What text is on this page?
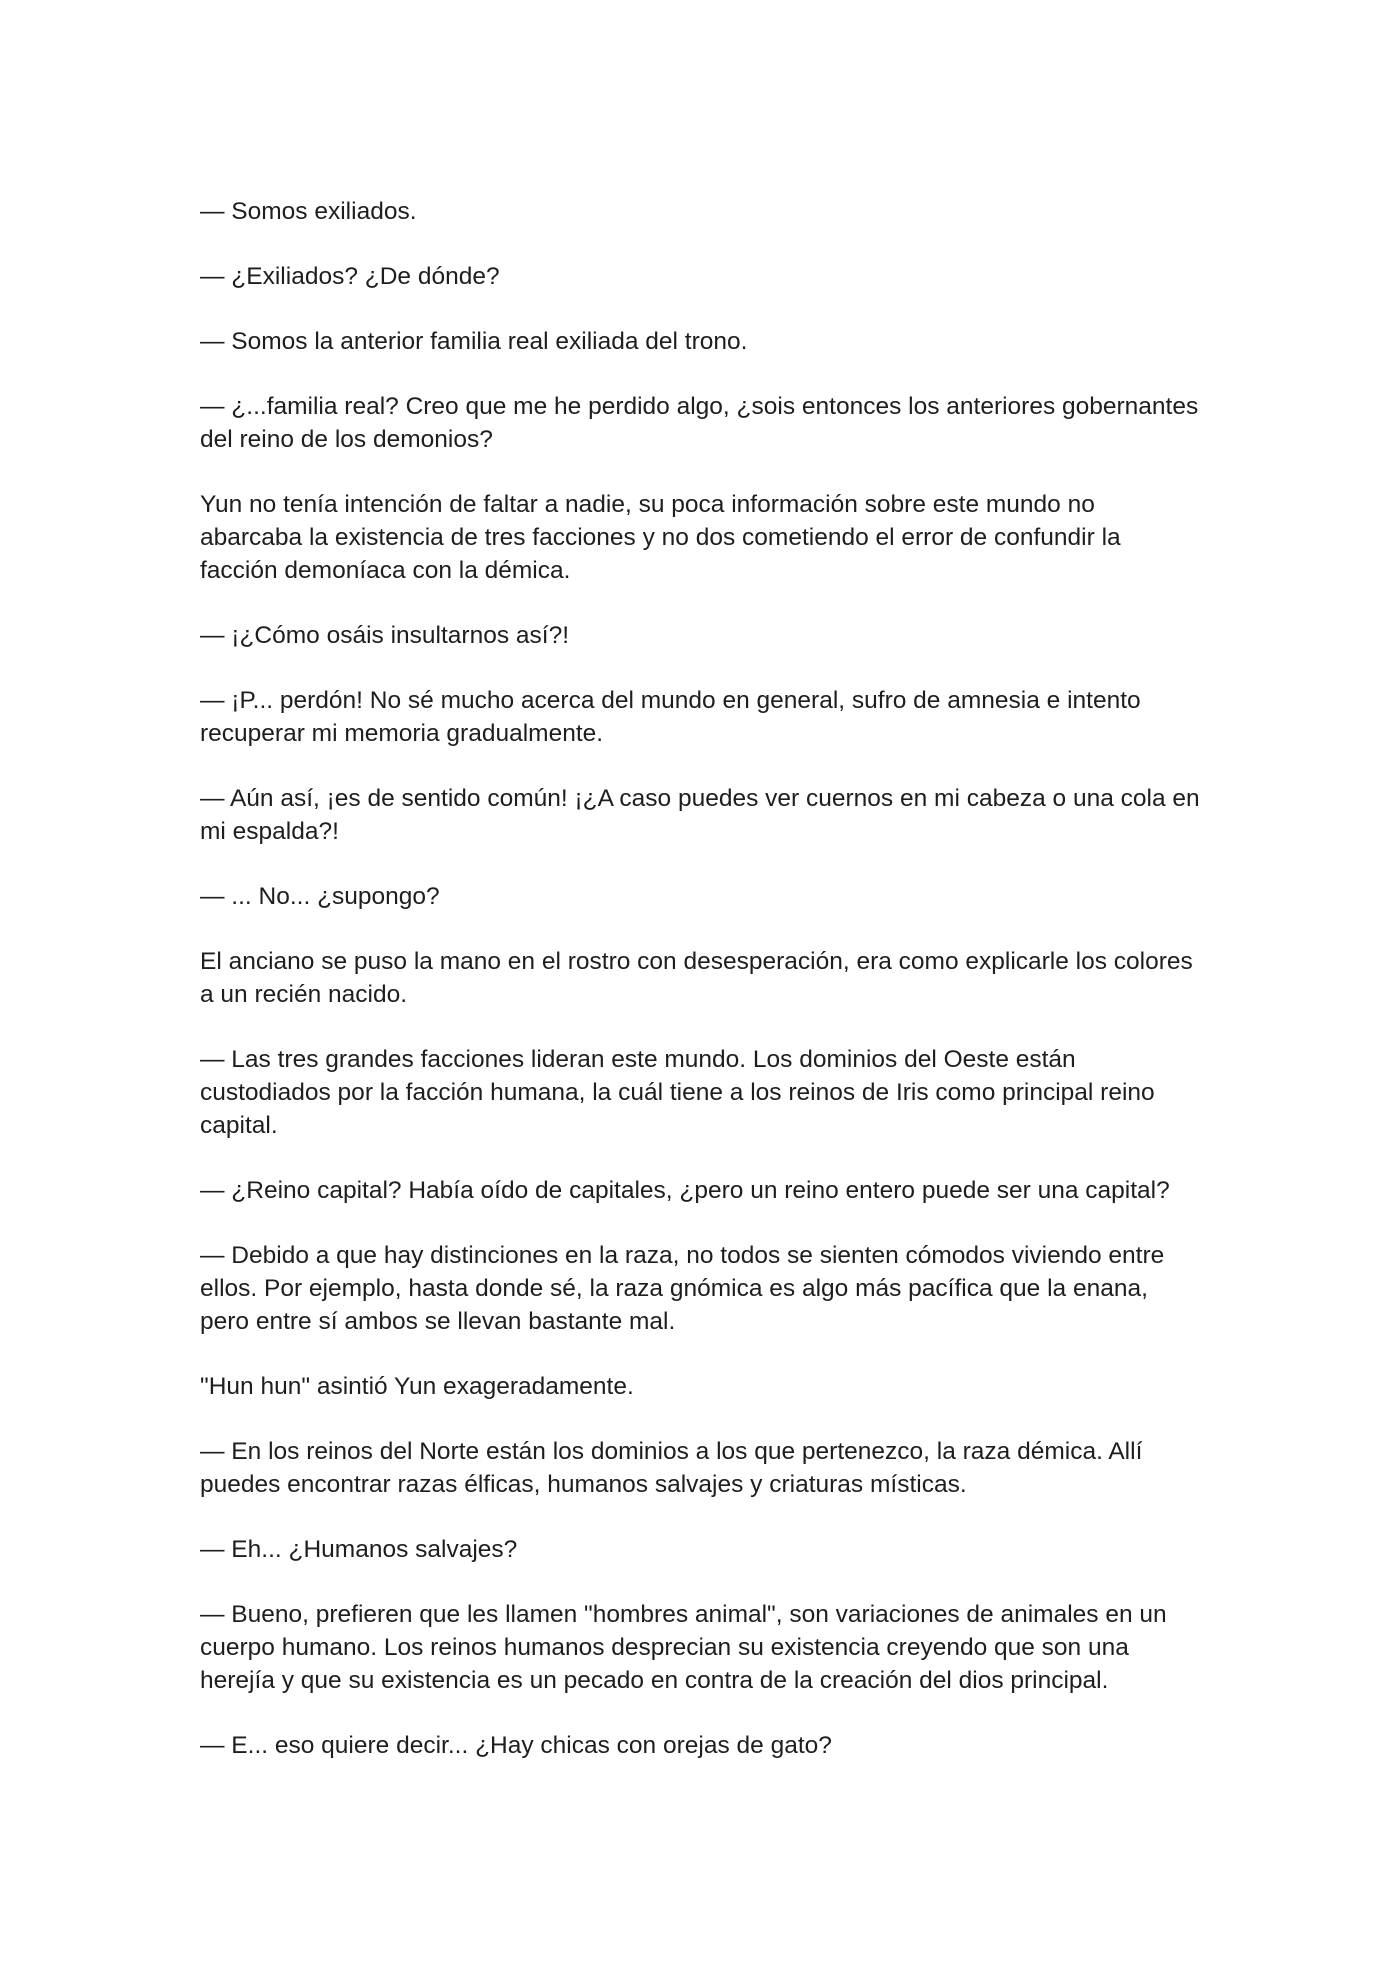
— Somos exiliados.

— ¿Exiliados? ¿De dónde?

— Somos la anterior familia real exiliada del trono.

— ¿...familia real? Creo que me he perdido algo, ¿sois entonces los anteriores gobernantes del reino de los demonios?

Yun no tenía intención de faltar a nadie, su poca información sobre este mundo no abarcaba la existencia de tres facciones y no dos cometiendo el error de confundir la facción demoníaca con la démica.

— ¡¿Cómo osáis insultarnos así?!

— ¡P... perdón! No sé mucho acerca del mundo en general, sufro de amnesia e intento recuperar mi memoria gradualmente.

— Aún así, ¡es de sentido común! ¡¿A caso puedes ver cuernos en mi cabeza o una cola en mi espalda?!

— ... No... ¿supongo?

El anciano se puso la mano en el rostro con desesperación, era como explicarle los colores a un recién nacido.

— Las tres grandes facciones lideran este mundo. Los dominios del Oeste están custodiados por la facción humana, la cuál tiene a los reinos de Iris como principal reino capital.

— ¿Reino capital? Había oído de capitales, ¿pero un reino entero puede ser una capital?

— Debido a que hay distinciones en la raza, no todos se sienten cómodos viviendo entre ellos. Por ejemplo, hasta donde sé, la raza gnómica es algo más pacífica que la enana, pero entre sí ambos se llevan bastante mal.

"Hun hun" asintió Yun exageradamente.

— En los reinos del Norte están los dominios a los que pertenezco, la raza démica. Allí puedes encontrar razas élficas, humanos salvajes y criaturas místicas.

— Eh... ¿Humanos salvajes?

— Bueno, prefieren que les llamen "hombres animal", son variaciones de animales en un cuerpo humano. Los reinos humanos desprecian su existencia creyendo que son una herejía y que su existencia es un pecado en contra de la creación del dios principal.

— E... eso quiere decir... ¿Hay chicas con orejas de gato?
